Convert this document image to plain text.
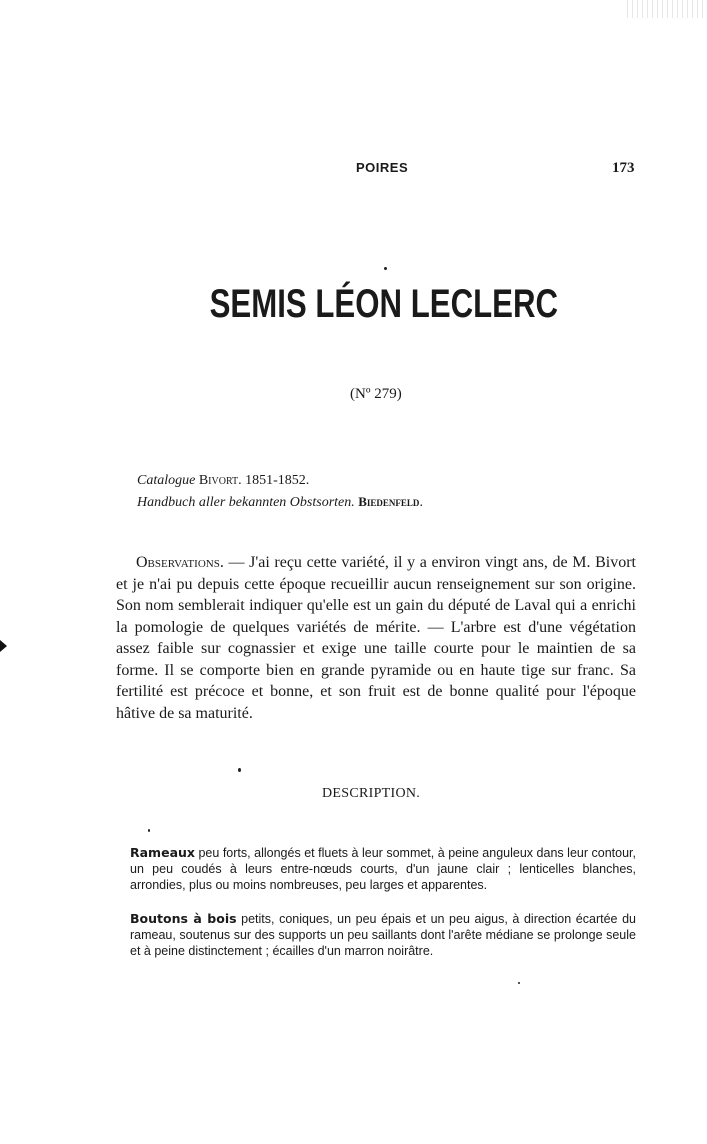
POIRES	173
SEMIS LÉON LECLERC
(Nº 279)
Catalogue Bivort. 1851-1852.
Handbuch aller bekannten Obstsorten. Biedenfeld.
Observations. — J'ai reçu cette variété, il y a environ vingt ans, de M. Bivort et je n'ai pu depuis cette époque recueillir aucun renseignement sur son origine. Son nom semblerait indiquer qu'elle est un gain du député de Laval qui a enrichi la pomologie de quelques variétés de mérite. — L'arbre est d'une végétation assez faible sur cognassier et exige une taille courte pour le maintien de sa forme. Il se comporte bien en grande pyramide ou en haute tige sur franc. Sa fertilité est précoce et bonne, et son fruit est de bonne qualité pour l'époque hâtive de sa maturité.
DESCRIPTION.
Rameaux peu forts, allongés et fluets à leur sommet, à peine anguleux dans leur contour, un peu coudés à leurs entre-nœuds courts, d'un jaune clair ; lenticelles blanches, arrondies, plus ou moins nombreuses, peu larges et apparentes.
Boutons à bois petits, coniques, un peu épais et un peu aigus, à direction écartée du rameau, soutenus sur des supports un peu saillants dont l'arête médiane se prolonge seule et à peine distinctement ; écailles d'un marron noirâtre.
